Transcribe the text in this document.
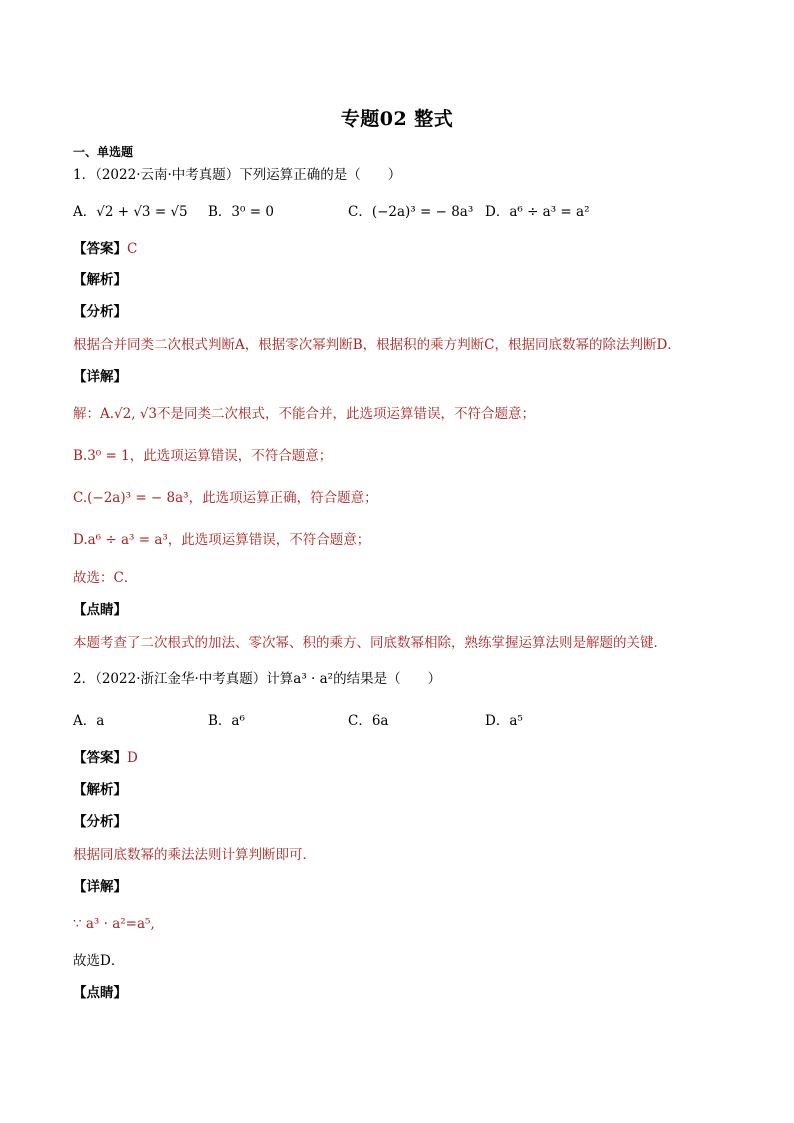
专题02 整式
一、单选题
1．（2022·云南·中考真题）下列运算正确的是（　　）
A．√2 + √3 = √5 B．3⁰ = 0	C．(−2a)³ = − 8a³ D．a⁶ ÷ a³ = a²
【答案】C
【解析】
【分析】
根据合并同类二次根式判断A，根据零次幂判断B，根据积的乘方判断C，根据同底数幂的除法判断D．
【详解】
解：A.√2, √3不是同类二次根式，不能合并，此选项运算错误，不符合题意；
B.3⁰ = 1，此选项运算错误，不符合题意；
C.(−2a)³ = − 8a³，此选项运算正确，符合题意；
D.a⁶ ÷ a³ = a³，此选项运算错误，不符合题意；
故选：C．
【点睛】
本题考查了二次根式的加法、零次幂、积的乘方、同底数幂相除，熟练掌握运算法则是解题的关键．
2．（2022·浙江金华·中考真题）计算a³ · a²的结果是（　　）
A．a	B．a⁶	C．6a	D．a⁵
【答案】D
【解析】
【分析】
根据同底数幂的乘法法则计算判断即可．
【详解】
∵ a³ · a²=a⁵,
故选D．
【点睛】
